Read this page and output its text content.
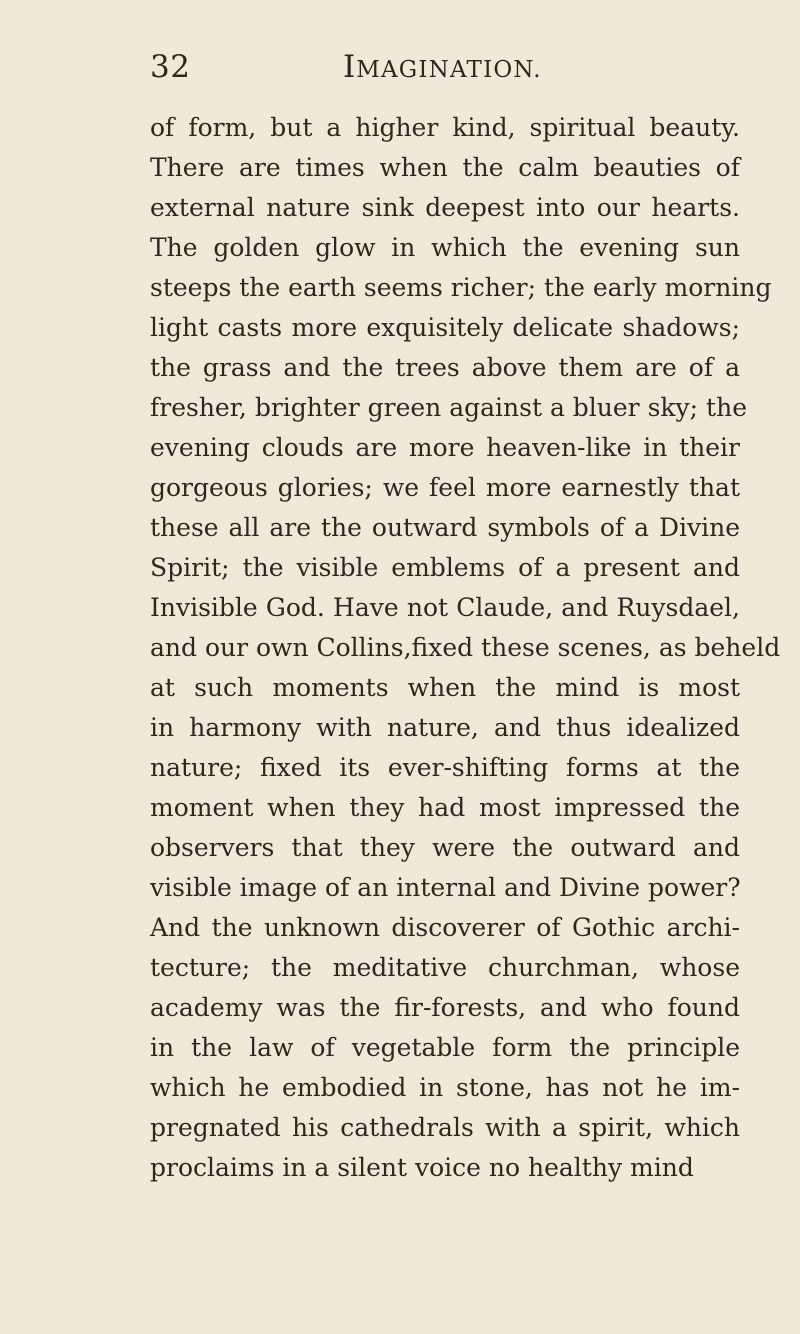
32	IMAGINATION.
of form, but a higher kind, spiritual beauty.
There are times when the calm beauties of
external nature sink deepest into our hearts.
The golden glow in which the evening sun
steeps the earth seems richer; the early morning
light casts more exquisitely delicate shadows;
the grass and the trees above them are of a
fresher, brighter green against a bluer sky; the
evening clouds are more heaven-like in their
gorgeous glories; we feel more earnestly that
these all are the outward symbols of a Divine
Spirit; the visible emblems of a present and
Invisible God. Have not Claude, and Ruysdael,
and our own Collins,fixed these scenes, as beheld
at such moments when the mind is most
in harmony with nature, and thus idealized
nature; fixed its ever-shifting forms at the
moment when they had most impressed the
observers that they were the outward and
visible image of an internal and Divine power?
And the unknown discoverer of Gothic archi-
tecture; the meditative churchman, whose
academy was the fir-forests, and who found
in the law of vegetable form the principle
which he embodied in stone, has not he im-
pregnated his cathedrals with a spirit, which
proclaims in a silent voice no healthy mind
